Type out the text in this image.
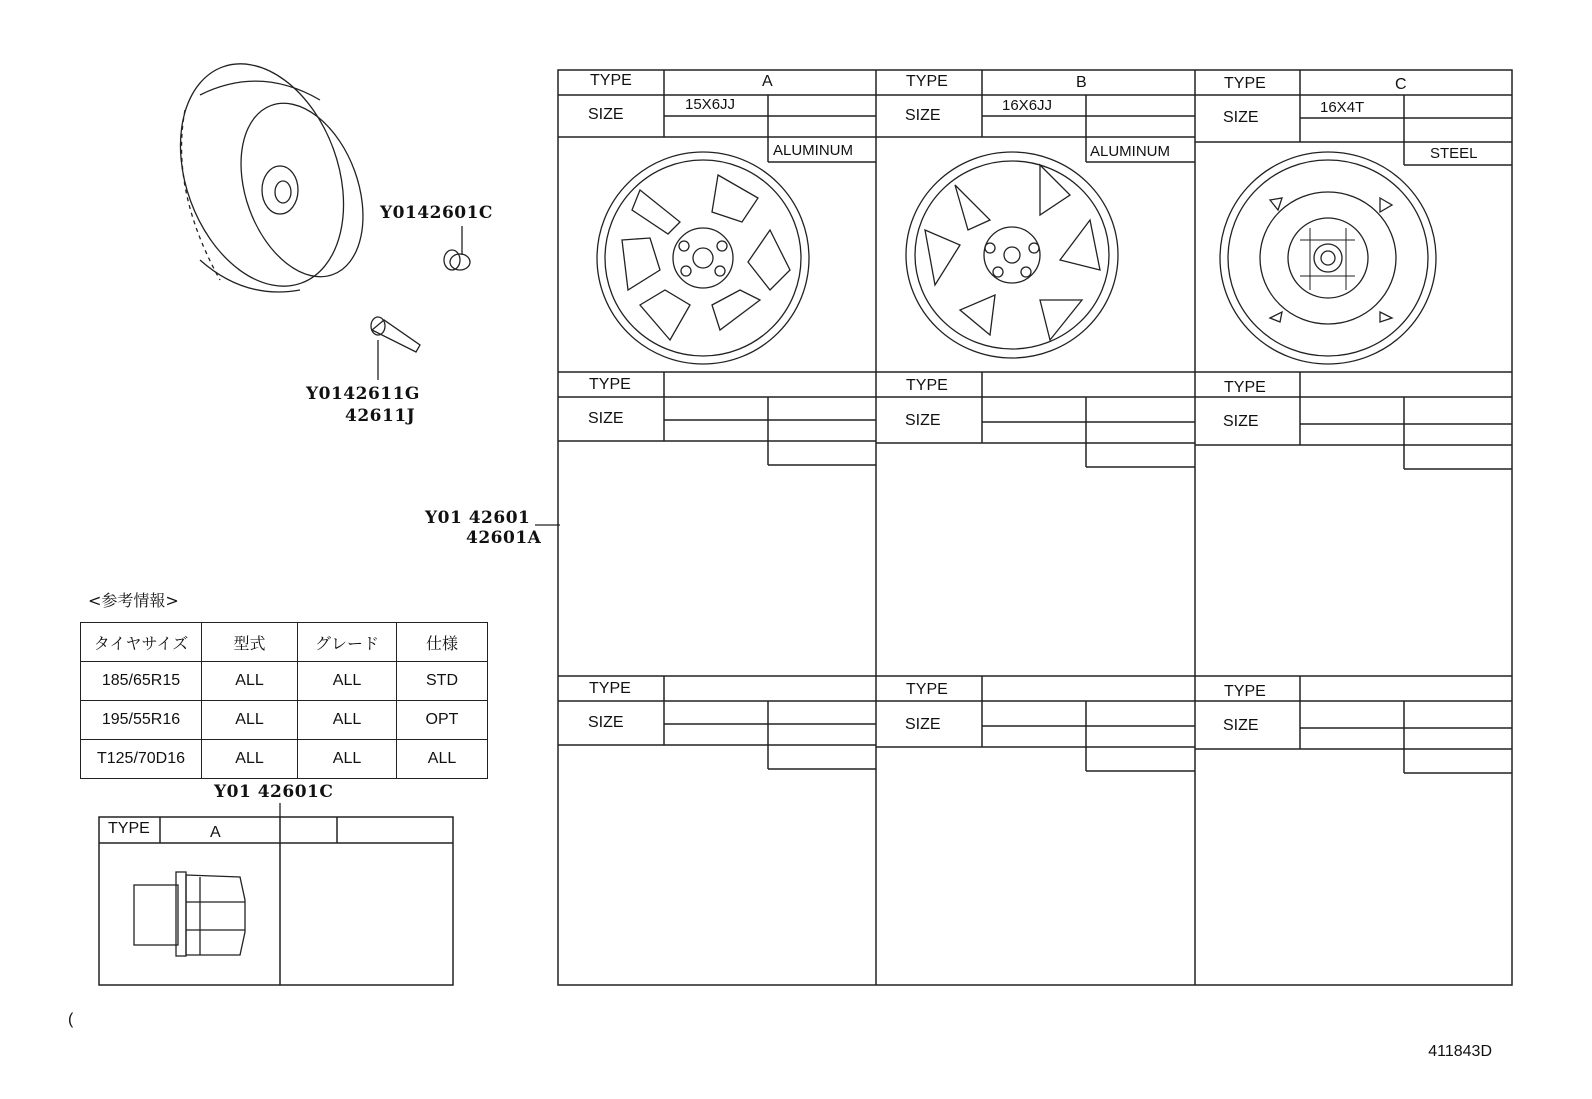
Y0142601C
Y0142611G
42611J
Y01 42601
42601A
Y01 42601C
TYPE	A
SIZE
15X6JJ
ALUMINUM
TYPE	B
SIZE
16X6JJ
ALUMINUM
TYPE	C
SIZE
16X4T
STEEL
TYPE
SIZE
TYPE
SIZE
TYPE
SIZE
TYPE
SIZE
TYPE
SIZE
TYPE
SIZE
<参考情報>
タイヤサイズ	型式	グレード	仕様
185/65R15	ALL	ALL	STD
195/55R16	ALL	ALL	OPT
T125/70D16	ALL	ALL	ALL
TYPE	A
(
411843D
